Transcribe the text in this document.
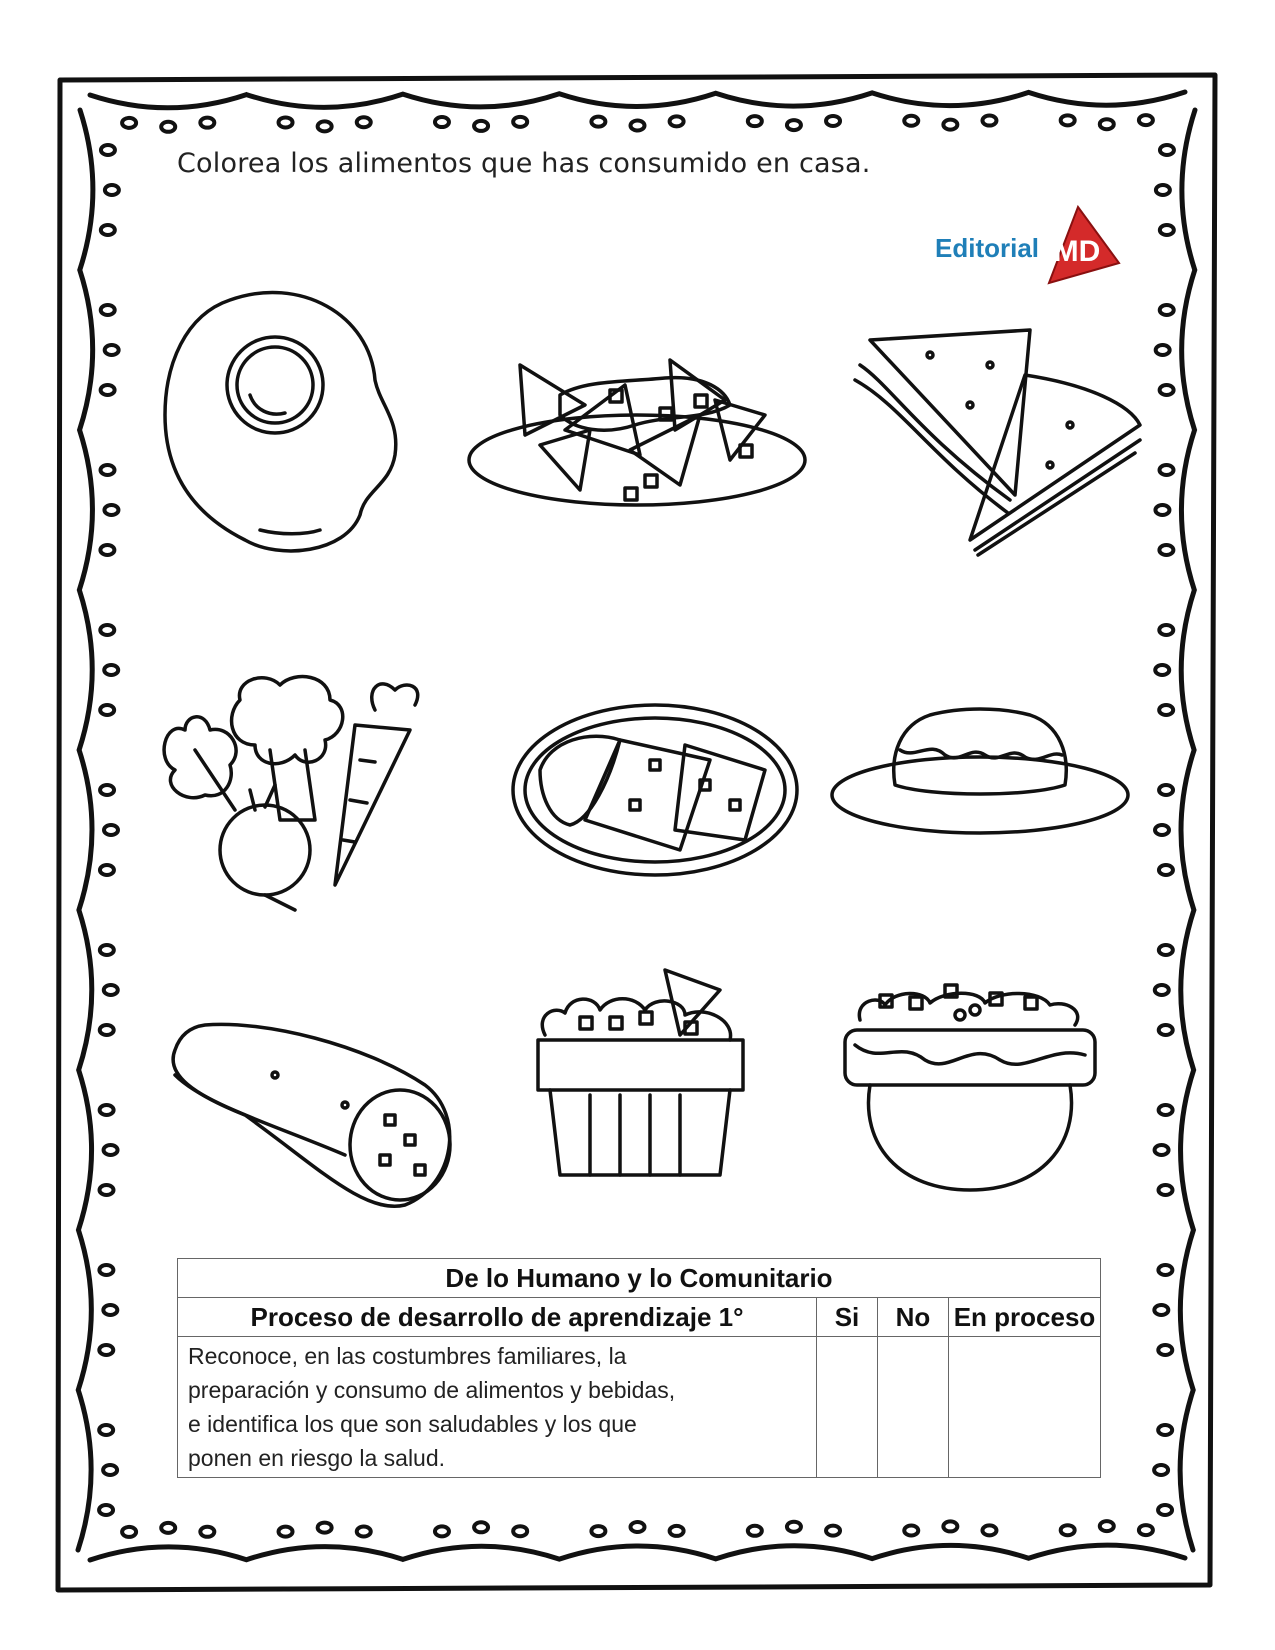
Colorea los alimentos que has consumido en casa.
Editorial MD
De lo Humano y lo Comunitario			
Proceso de desarrollo de aprendizaje 1°	Si	No	En proceso

Reconoce, en las costumbres familiares, la
preparación y consumo de alimentos y bebidas,
e identifica los que son saludables y los que
ponen en riesgo la salud.			
